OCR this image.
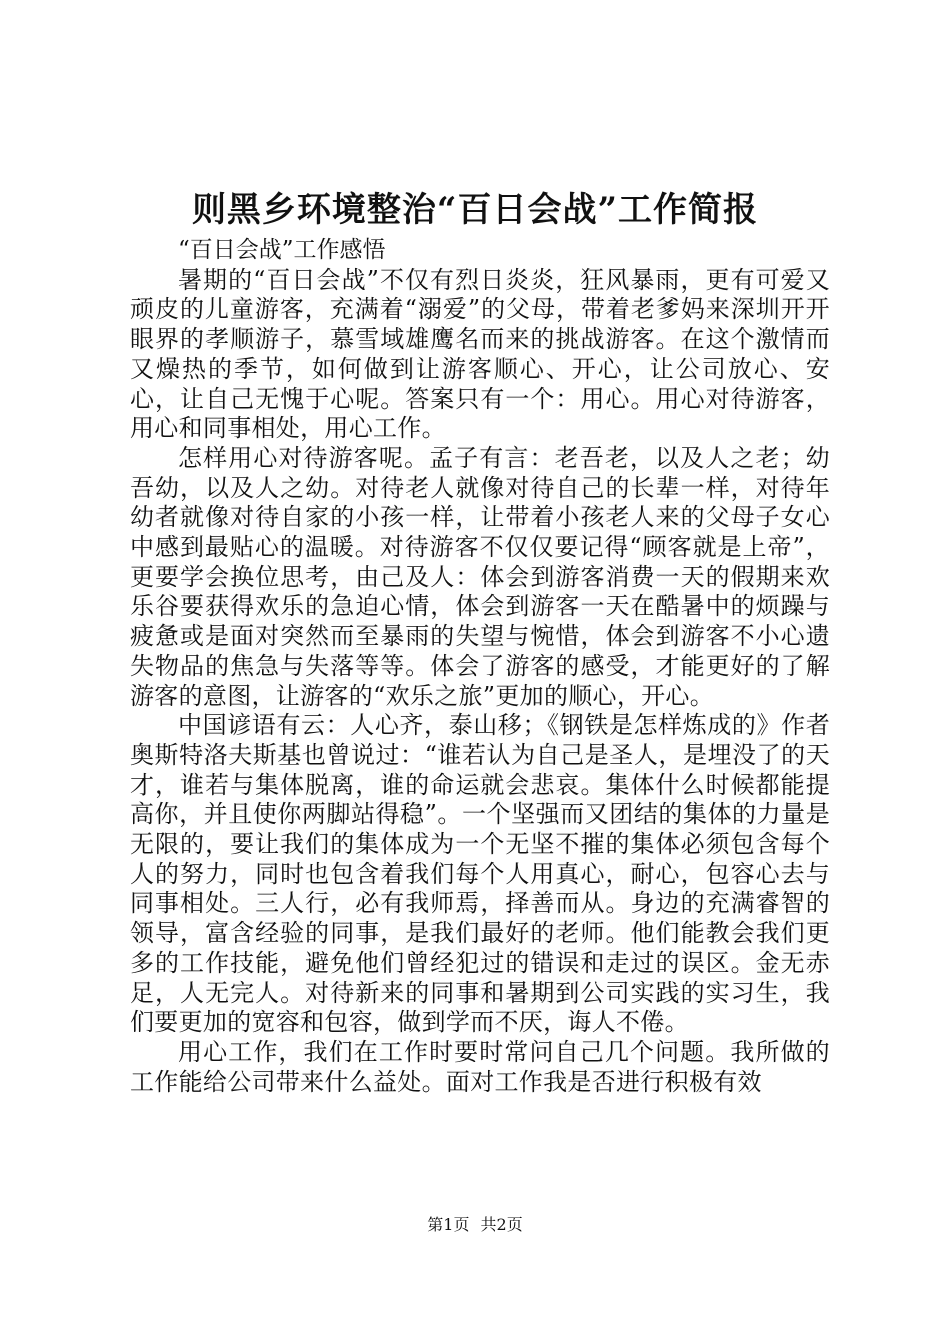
则黑乡环境整治“百日会战”工作简报

“百日会战”工作感悟

暑期的“百日会战”不仅有烈日炎炎，狂风暴雨，更有可爱又顽皮的儿童游客，充满着“溺爱”的父母，带着老爹妈来深圳开开眼界的孝顺游子，慕雪域雄鹰名而来的挑战游客。在这个激情而又燥热的季节，如何做到让游客顺心、开心，让公司放心、安心，让自己无愧于心呢。答案只有一个：用心。用心对待游客，用心和同事相处，用心工作。

怎样用心对待游客呢。孟子有言：老吾老，以及人之老；幼吾幼，以及人之幼。对待老人就像对待自己的长辈一样，对待年幼者就像对待自家的小孩一样，让带着小孩老人来的父母子女心中感到最贴心的温暖。对待游客不仅仅要记得“顾客就是上帝”，更要学会换位思考，由己及人：体会到游客消费一天的假期来欢乐谷要获得欢乐的急迫心情，体会到游客一天在酷暑中的烦躁与疲惫或是面对突然而至暴雨的失望与惋惜，体会到游客不小心遗失物品的焦急与失落等等。体会了游客的感受，才能更好的了解游客的意图，让游客的“欢乐之旅”更加的顺心，开心。

中国谚语有云：人心齐，泰山移；《钢铁是怎样炼成的》作者奥斯特洛夫斯基也曾说过：“谁若认为自己是圣人，是埋没了的天才，谁若与集体脱离，谁的命运就会悲哀。集体什么时候都能提高你，并且使你两脚站得稳”。一个坚强而又团结的集体的力量是无限的，要让我们的集体成为一个无坚不摧的集体必须包含每个人的努力，同时也包含着我们每个人用真心，耐心，包容心去与同事相处。三人行，必有我师焉，择善而从。身边的充满睿智的领导，富含经验的同事，是我们最好的老师。他们能教会我们更多的工作技能，避免他们曾经犯过的错误和走过的误区。金无赤足，人无完人。对待新来的同事和暑期到公司实践的实习生，我们要更加的宽容和包容，做到学而不厌，诲人不倦。

用心工作，我们在工作时要时常问自己几个问题。我所做的工作能给公司带来什么益处。面对工作我是否进行积极有效

第1页 共2页
